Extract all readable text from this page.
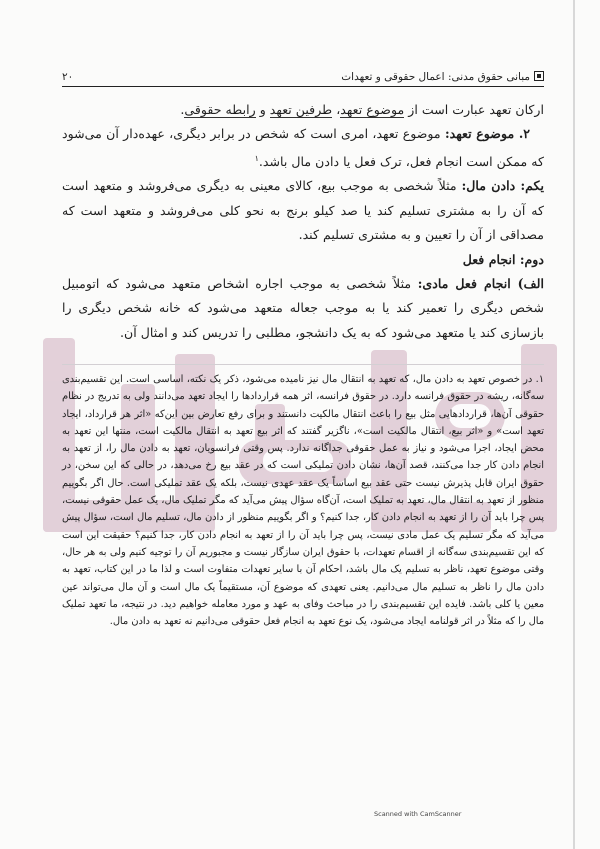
مبانی حقوق مدنی: اعمال حقوقی و تعهدات
۲۰

ارکان تعهد عبارت است از موضوع تعهد، طرفین تعهد و رابطه حقوقی.

۲. موضوع تعهد: موضوع تعهد، امری است که شخص در برابر دیگری، عهده‌دار آن می‌شود که ممکن است انجام فعل، ترک فعل یا دادن مال باشد.$^۱$

یکم: دادن مال: مثلاً شخصی به موجب بیع، کالای معینی به دیگری می‌فروشد و متعهد است که آن را به مشتری تسلیم کند یا صد کیلو برنج به نحو کلی می‌فروشد و متعهد است که مصداقی از آن را تعیین و به مشتری تسلیم کند.

دوم: انجام فعل

الف) انجام فعل مادی: مثلاً شخصی به موجب اجاره اشخاص متعهد می‌شود که اتومبیل شخص دیگری را تعمیر کند یا به موجب جعاله متعهد می‌شود که خانه شخص دیگری را بازسازی کند یا متعهد می‌شود که به یک دانشجو، مطلبی را تدریس کند و امثال آن.

۱. در خصوص تعهد به دادن مال، که تعهد به انتقال مال نیز نامیده می‌شود، ذکر یک نکته، اساسی است. این تقسیم‌بندی سه‌گانه، ریشه در حقوق فرانسه دارد. در حقوق فرانسه، اثر همه قراردادها را ایجاد تعهد می‌دانند ولی به تدریج در نظام حقوقی آن‌ها، قراردادهایی مثل بیع را باعث انتقال مالکیت دانستند و برای رفع تعارض بین این‌که «اثر هر قرارداد، ایجاد تعهد است» و «اثر بیع، انتقال مالکیت است»، ناگزیر گفتند که اثر بیع تعهد به انتقال مالکیت است، منتها این تعهد به محض ایجاد، اجرا می‌شود و نیاز به عمل حقوقی جداگانه ندارد. پس وقتی فرانسویان، تعهد به دادن مال را، از تعهد به انجام دادن کار جدا می‌کنند، قصد آن‌ها، نشان دادن تملیکی است که در عقد بیع رخ می‌دهد، در حالی که این سخن، در حقوق ایران قابل پذیرش نیست حتی عقد بیع اساساً یک عقد عهدی نیست، بلکه یک عقد تملیکی است. حال اگر بگوییم منظور از تعهد به انتقال مال، تعهد به تملیک است، آن‌گاه سؤال پیش می‌آید که مگر تملیک مال، یک عمل حقوقی نیست، پس چرا باید آن را از تعهد به انجام دادن کار، جدا کنیم؟ و اگر بگوییم منظور از دادن مال، تسلیم مال است، سؤال پیش می‌آید که مگر تسلیم یک عمل مادی نیست، پس چرا باید آن را از تعهد به انجام دادن کار، جدا کنیم؟ حقیقت این است که این تقسیم‌بندی سه‌گانه از اقسام تعهدات، با حقوق ایران سازگار نیست و مجبوریم آن را توجیه کنیم ولی به هر حال، وقتی موضوع تعهد، ناظر به تسلیم یک مال باشد، احکام آن با سایر تعهدات متفاوت است و لذا ما در این کتاب، تعهد به دادن مال را ناظر به تسلیم مال می‌دانیم. یعنی تعهدی که موضوع آن، مستقیماً یک مال است و آن مال می‌تواند عین معین یا کلی باشد. فایده این تقسیم‌بندی را در مباحث وفای به عهد و مورد معامله خواهیم دید. در نتیجه، ما تعهد تملیک مال را که مثلاً در اثر قولنامه ایجاد می‌شود، یک نوع تعهد به انجام فعل حقوقی می‌دانیم نه تعهد به دادن مال.

Scanned with CamScanner
